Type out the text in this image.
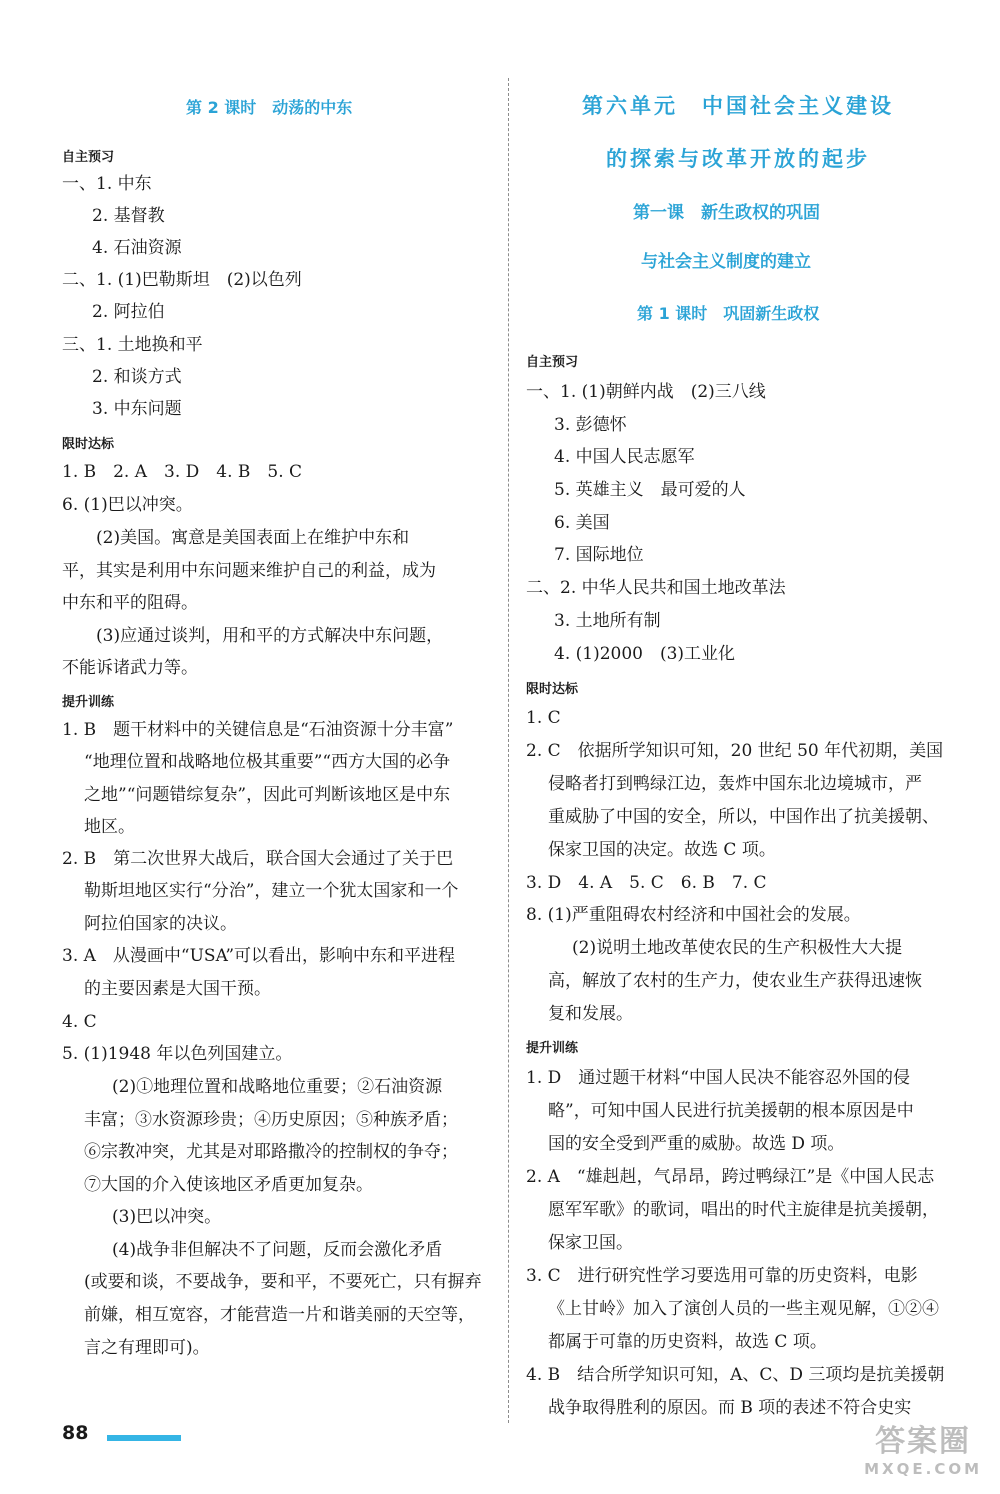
第 2 课时　动荡的中东
自主预习
一、1. 中东
2. 基督教
4. 石油资源
二、1. (1)巴勒斯坦　(2)以色列
2. 阿拉伯
三、1. 土地换和平
2. 和谈方式
3. 中东问题
限时达标
1. B　2. A　3. D　4. B　5. C
6. (1)巴以冲突。
(2)美国。寓意是美国表面上在维护中东和
平，其实是利用中东问题来维护自己的利益，成为
中东和平的阻碍。
(3)应通过谈判，用和平的方式解决中东问题，
不能诉诸武力等。
提升训练
1. B　题干材料中的关键信息是“石油资源十分丰富”
“地理位置和战略地位极其重要”“西方大国的必争
之地”“问题错综复杂”，因此可判断该地区是中东
地区。
2. B　第二次世界大战后，联合国大会通过了关于巴
勒斯坦地区实行“分治”，建立一个犹太国家和一个
阿拉伯国家的决议。
3. A　从漫画中“USA”可以看出，影响中东和平进程
的主要因素是大国干预。
4. C
5. (1)1948 年以色列国建立。
(2)①地理位置和战略地位重要；②石油资源
丰富；③水资源珍贵；④历史原因；⑤种族矛盾；
⑥宗教冲突，尤其是对耶路撒冷的控制权的争夺；
⑦大国的介入使该地区矛盾更加复杂。
(3)巴以冲突。
(4)战争非但解决不了问题，反而会激化矛盾
(或要和谈，不要战争，要和平，不要死亡，只有摒弃
前嫌，相互宽容，才能营造一片和谐美丽的天空等，
言之有理即可)。
第六单元　中国社会主义建设
的探索与改革开放的起步
第一课　新生政权的巩固
与社会主义制度的建立
第 1 课时　巩固新生政权
自主预习
一、1. (1)朝鲜内战　(2)三八线
3. 彭德怀
4. 中国人民志愿军
5. 英雄主义　最可爱的人
6. 美国
7. 国际地位
二、2. 中华人民共和国土地改革法
3. 土地所有制
4. (1)2000　(3)工业化
限时达标
1. C
2. C　依据所学知识可知，20 世纪 50 年代初期，美国
侵略者打到鸭绿江边，轰炸中国东北边境城市，严
重威胁了中国的安全，所以，中国作出了抗美援朝、
保家卫国的决定。故选 C 项。
3. D　4. A　5. C　6. B　7. C
8. (1)严重阻碍农村经济和中国社会的发展。
(2)说明土地改革使农民的生产积极性大大提
高，解放了农村的生产力，使农业生产获得迅速恢
复和发展。
提升训练
1. D　通过题干材料“中国人民决不能容忍外国的侵
略”，可知中国人民进行抗美援朝的根本原因是中
国的安全受到严重的威胁。故选 D 项。
2. A　“雄赳赳，气昂昂，跨过鸭绿江”是《中国人民志
愿军军歌》的歌词，唱出的时代主旋律是抗美援朝，
保家卫国。
3. C　进行研究性学习要选用可靠的历史资料，电影
《上甘岭》加入了演创人员的一些主观见解，①②④
都属于可靠的历史资料，故选 C 项。
4. B　结合所学知识可知，A、C、D 三项均是抗美援朝
战争取得胜利的原因。而 B 项的表述不符合史实
88	答案圈
MXQE.COM
